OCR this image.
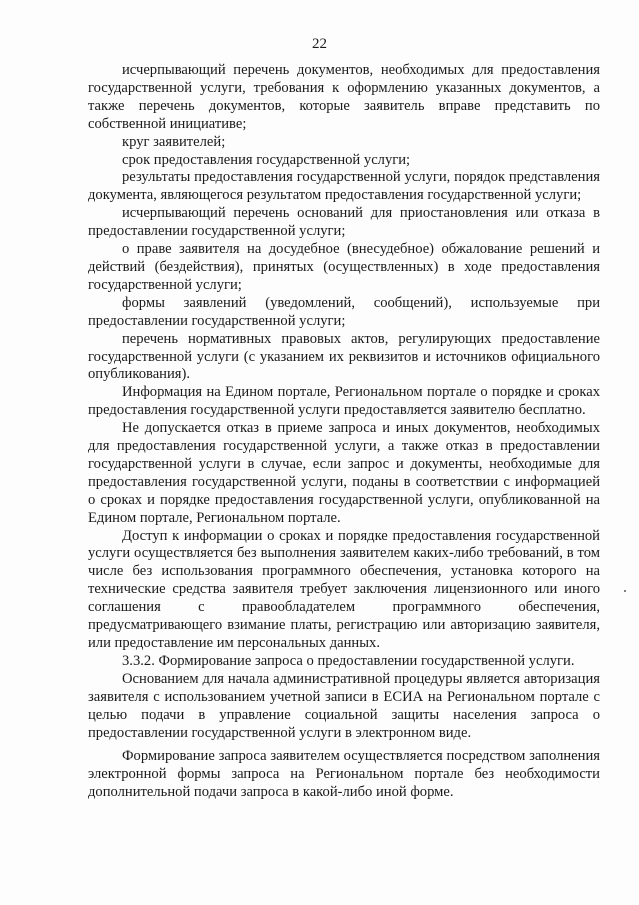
22

исчерпывающий перечень документов, необходимых для предоставления государственной услуги, требования к оформлению указанных документов, а также перечень документов, которые заявитель вправе представить по собственной инициативе;

круг заявителей;

срок предоставления государственной услуги;

результаты предоставления государственной услуги, порядок представления документа, являющегося результатом предоставления государственной услуги;

исчерпывающий перечень оснований для приостановления или отказа в предоставлении государственной услуги;

о праве заявителя на досудебное (внесудебное) обжалование решений и действий (бездействия), принятых (осуществленных) в ходе предоставления государственной услуги;

формы заявлений (уведомлений, сообщений), используемые при предоставлении государственной услуги;

перечень нормативных правовых актов, регулирующих предоставление государственной услуги (с указанием их реквизитов и источников официального опубликования).

Информация на Едином портале, Региональном портале о порядке и сроках предоставления государственной услуги предоставляется заявителю бесплатно.

Не допускается отказ в приеме запроса и иных документов, необходимых для предоставления государственной услуги, а также отказ в предоставлении государственной услуги в случае, если запрос и документы, необходимые для предоставления государственной услуги, поданы в соответствии с информацией о сроках и порядке предоставления государственной услуги, опубликованной на Едином портале, Региональном портале.

Доступ к информации о сроках и порядке предоставления государственной услуги осуществляется без выполнения заявителем каких-либо требований, в том числе без использования программного обеспечения, установка которого на технические средства заявителя требует заключения лицензионного или иного соглашения с правообладателем программного обеспечения, предусматривающего взимание платы, регистрацию или авторизацию заявителя, или предоставление им персональных данных.

3.3.2. Формирование запроса о предоставлении государственной услуги.

Основанием для начала административной процедуры является авторизация заявителя с использованием учетной записи в ЕСИА на Региональном портале с целью подачи в управление социальной защиты населения запроса о предоставлении государственной услуги в электронном виде.

Формирование запроса заявителем осуществляется посредством заполнения электронной формы запроса на Региональном портале без необходимости дополнительной подачи запроса в какой-либо иной форме.
